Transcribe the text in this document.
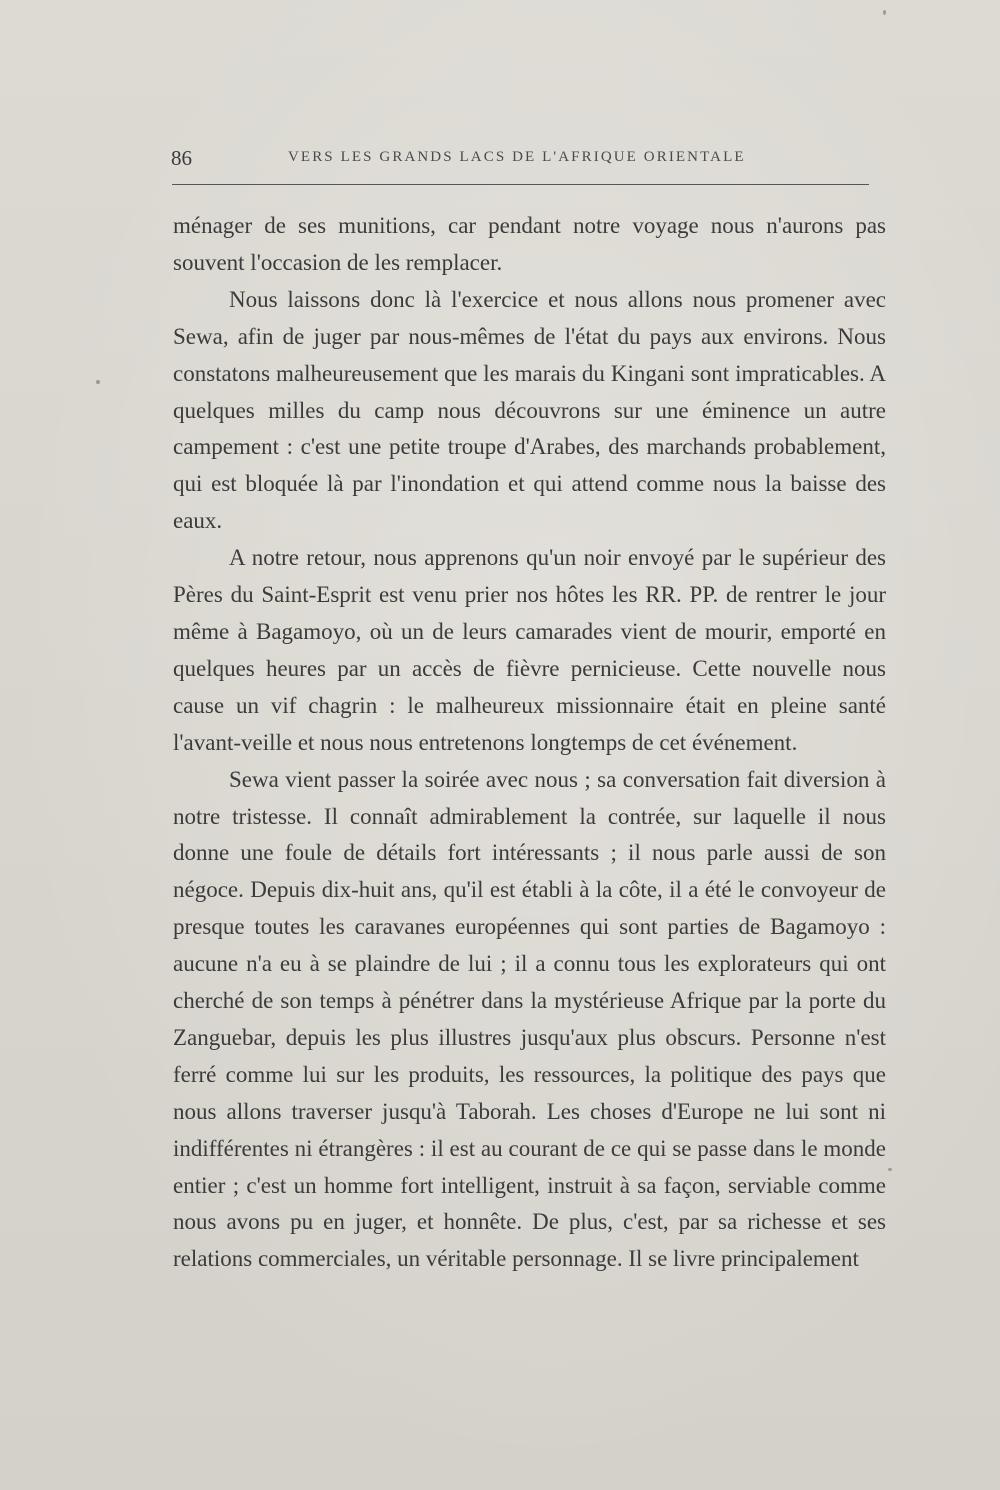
86	VERS LES GRANDS LACS DE L'AFRIQUE ORIENTALE

ménager de ses munitions, car pendant notre voyage nous n'aurons pas souvent l'occasion de les remplacer.

Nous laissons donc là l'exercice et nous allons nous promener avec Sewa, afin de juger par nous-mêmes de l'état du pays aux environs. Nous constatons malheureusement que les marais du Kingani sont impraticables. A quelques milles du camp nous découvrons sur une éminence un autre campement : c'est une petite troupe d'Arabes, des marchands probablement, qui est bloquée là par l'inondation et qui attend comme nous la baisse des eaux.

A notre retour, nous apprenons qu'un noir envoyé par le supérieur des Pères du Saint-Esprit est venu prier nos hôtes les RR. PP. de rentrer le jour même à Bagamoyo, où un de leurs camarades vient de mourir, emporté en quelques heures par un accès de fièvre pernicieuse. Cette nouvelle nous cause un vif chagrin : le malheureux missionnaire était en pleine santé l'avant-veille et nous nous entretenons longtemps de cet événement.

Sewa vient passer la soirée avec nous ; sa conversation fait diversion à notre tristesse. Il connaît admirablement la contrée, sur laquelle il nous donne une foule de détails fort intéressants ; il nous parle aussi de son négoce. Depuis dix-huit ans, qu'il est établi à la côte, il a été le convoyeur de presque toutes les caravanes européennes qui sont parties de Bagamoyo : aucune n'a eu à se plaindre de lui ; il a connu tous les explorateurs qui ont cherché de son temps à pénétrer dans la mystérieuse Afrique par la porte du Zanguebar, depuis les plus illustres jusqu'aux plus obscurs. Personne n'est ferré comme lui sur les produits, les ressources, la politique des pays que nous allons traverser jusqu'à Taborah. Les choses d'Europe ne lui sont ni indifférentes ni étrangères : il est au courant de ce qui se passe dans le monde entier ; c'est un homme fort intelligent, instruit à sa façon, serviable comme nous avons pu en juger, et honnête. De plus, c'est, par sa richesse et ses relations commerciales, un véritable personnage. Il se livre principalement
